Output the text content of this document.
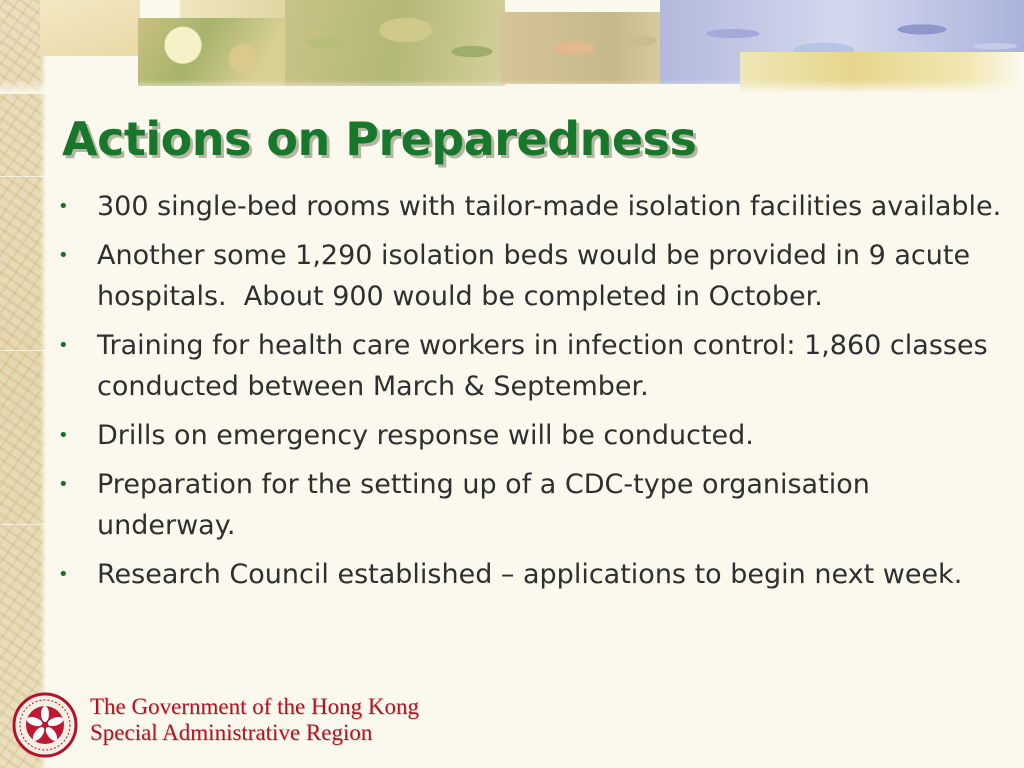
Actions on Preparedness
•	300 single-bed rooms with tailor-made isolation facilities available.
•	Another some 1,290 isolation beds would be provided in 9 acute hospitals.  About 900 would be completed in October.
•	Training for health care workers in infection control: 1,860 classes conducted between March & September.
•	Drills on emergency response will be conducted.
•	Preparation for the setting up of a CDC-type organisation underway.
•	Research Council established – applications to begin next week.
The Government of the Hong Kong
Special Administrative Region
